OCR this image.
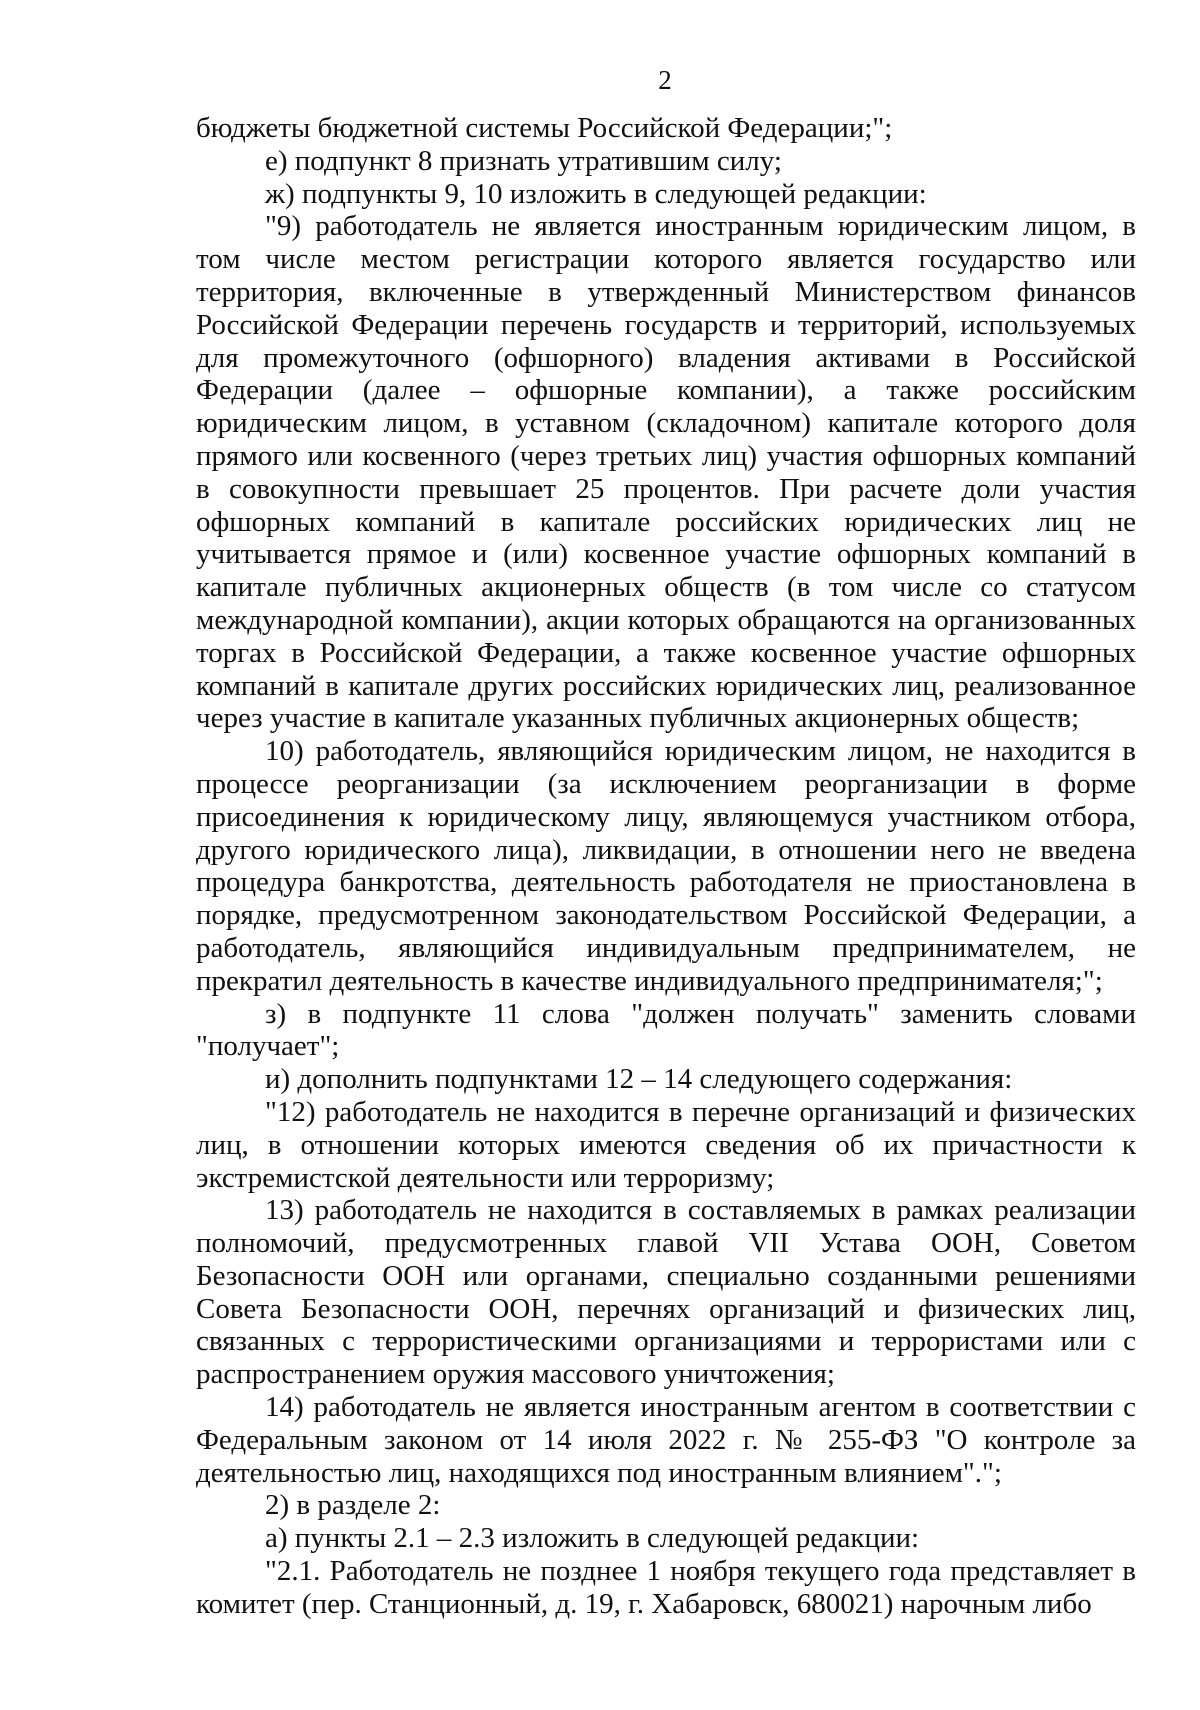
2

бюджеты бюджетной системы Российской Федерации;";

е) подпункт 8 признать утратившим силу;

ж) подпункты 9, 10 изложить в следующей редакции:

"9) работодатель не является иностранным юридическим лицом, в том числе местом регистрации которого является государство или территория, включенные в утвержденный Министерством финансов Российской Федерации перечень государств и территорий, используемых для промежуточного (офшорного) владения активами в Российской Федерации (далее – офшорные компании), а также российским юридическим лицом, в уставном (складочном) капитале которого доля прямого или косвенного (через третьих лиц) участия офшорных компаний в совокупности превышает 25 процентов. При расчете доли участия офшорных компаний в капитале российских юридических лиц не учитывается прямое и (или) косвенное участие офшорных компаний в капитале публичных акционерных обществ (в том числе со статусом международной компании), акции которых обращаются на организованных торгах в Российской Федерации, а также косвенное участие офшорных компаний в капитале других российских юридических лиц, реализованное через участие в капитале указанных публичных акционерных обществ;

10) работодатель, являющийся юридическим лицом, не находится в процессе реорганизации (за исключением реорганизации в форме присоединения к юридическому лицу, являющемуся участником отбора, другого юридического лица), ликвидации, в отношении него не введена процедура банкротства, деятельность работодателя не приостановлена в порядке, предусмотренном законодательством Российской Федерации, а работодатель, являющийся индивидуальным предпринимателем, не прекратил деятельность в качестве индивидуального предпринимателя;";

з) в подпункте 11 слова "должен получать" заменить словами "получает";

и) дополнить подпунктами 12 – 14 следующего содержания:

"12) работодатель не находится в перечне организаций и физических лиц, в отношении которых имеются сведения об их причастности к экстремистской деятельности или терроризму;

13) работодатель не находится в составляемых в рамках реализации полномочий, предусмотренных главой VII Устава ООН, Советом Безопасности ООН или органами, специально созданными решениями Совета Безопасности ООН, перечнях организаций и физических лиц, связанных с террористическими организациями и террористами или с распространением оружия массового уничтожения;

14) работодатель не является иностранным агентом в соответствии с Федеральным законом от 14 июля 2022 г. № 255-ФЗ "О контроле за деятельностью лиц, находящихся под иностранным влиянием".";

2) в разделе 2:

а) пункты 2.1 – 2.3 изложить в следующей редакции:

"2.1. Работодатель не позднее 1 ноября текущего года представляет в комитет (пер. Станционный, д. 19, г. Хабаровск, 680021) нарочным либо
